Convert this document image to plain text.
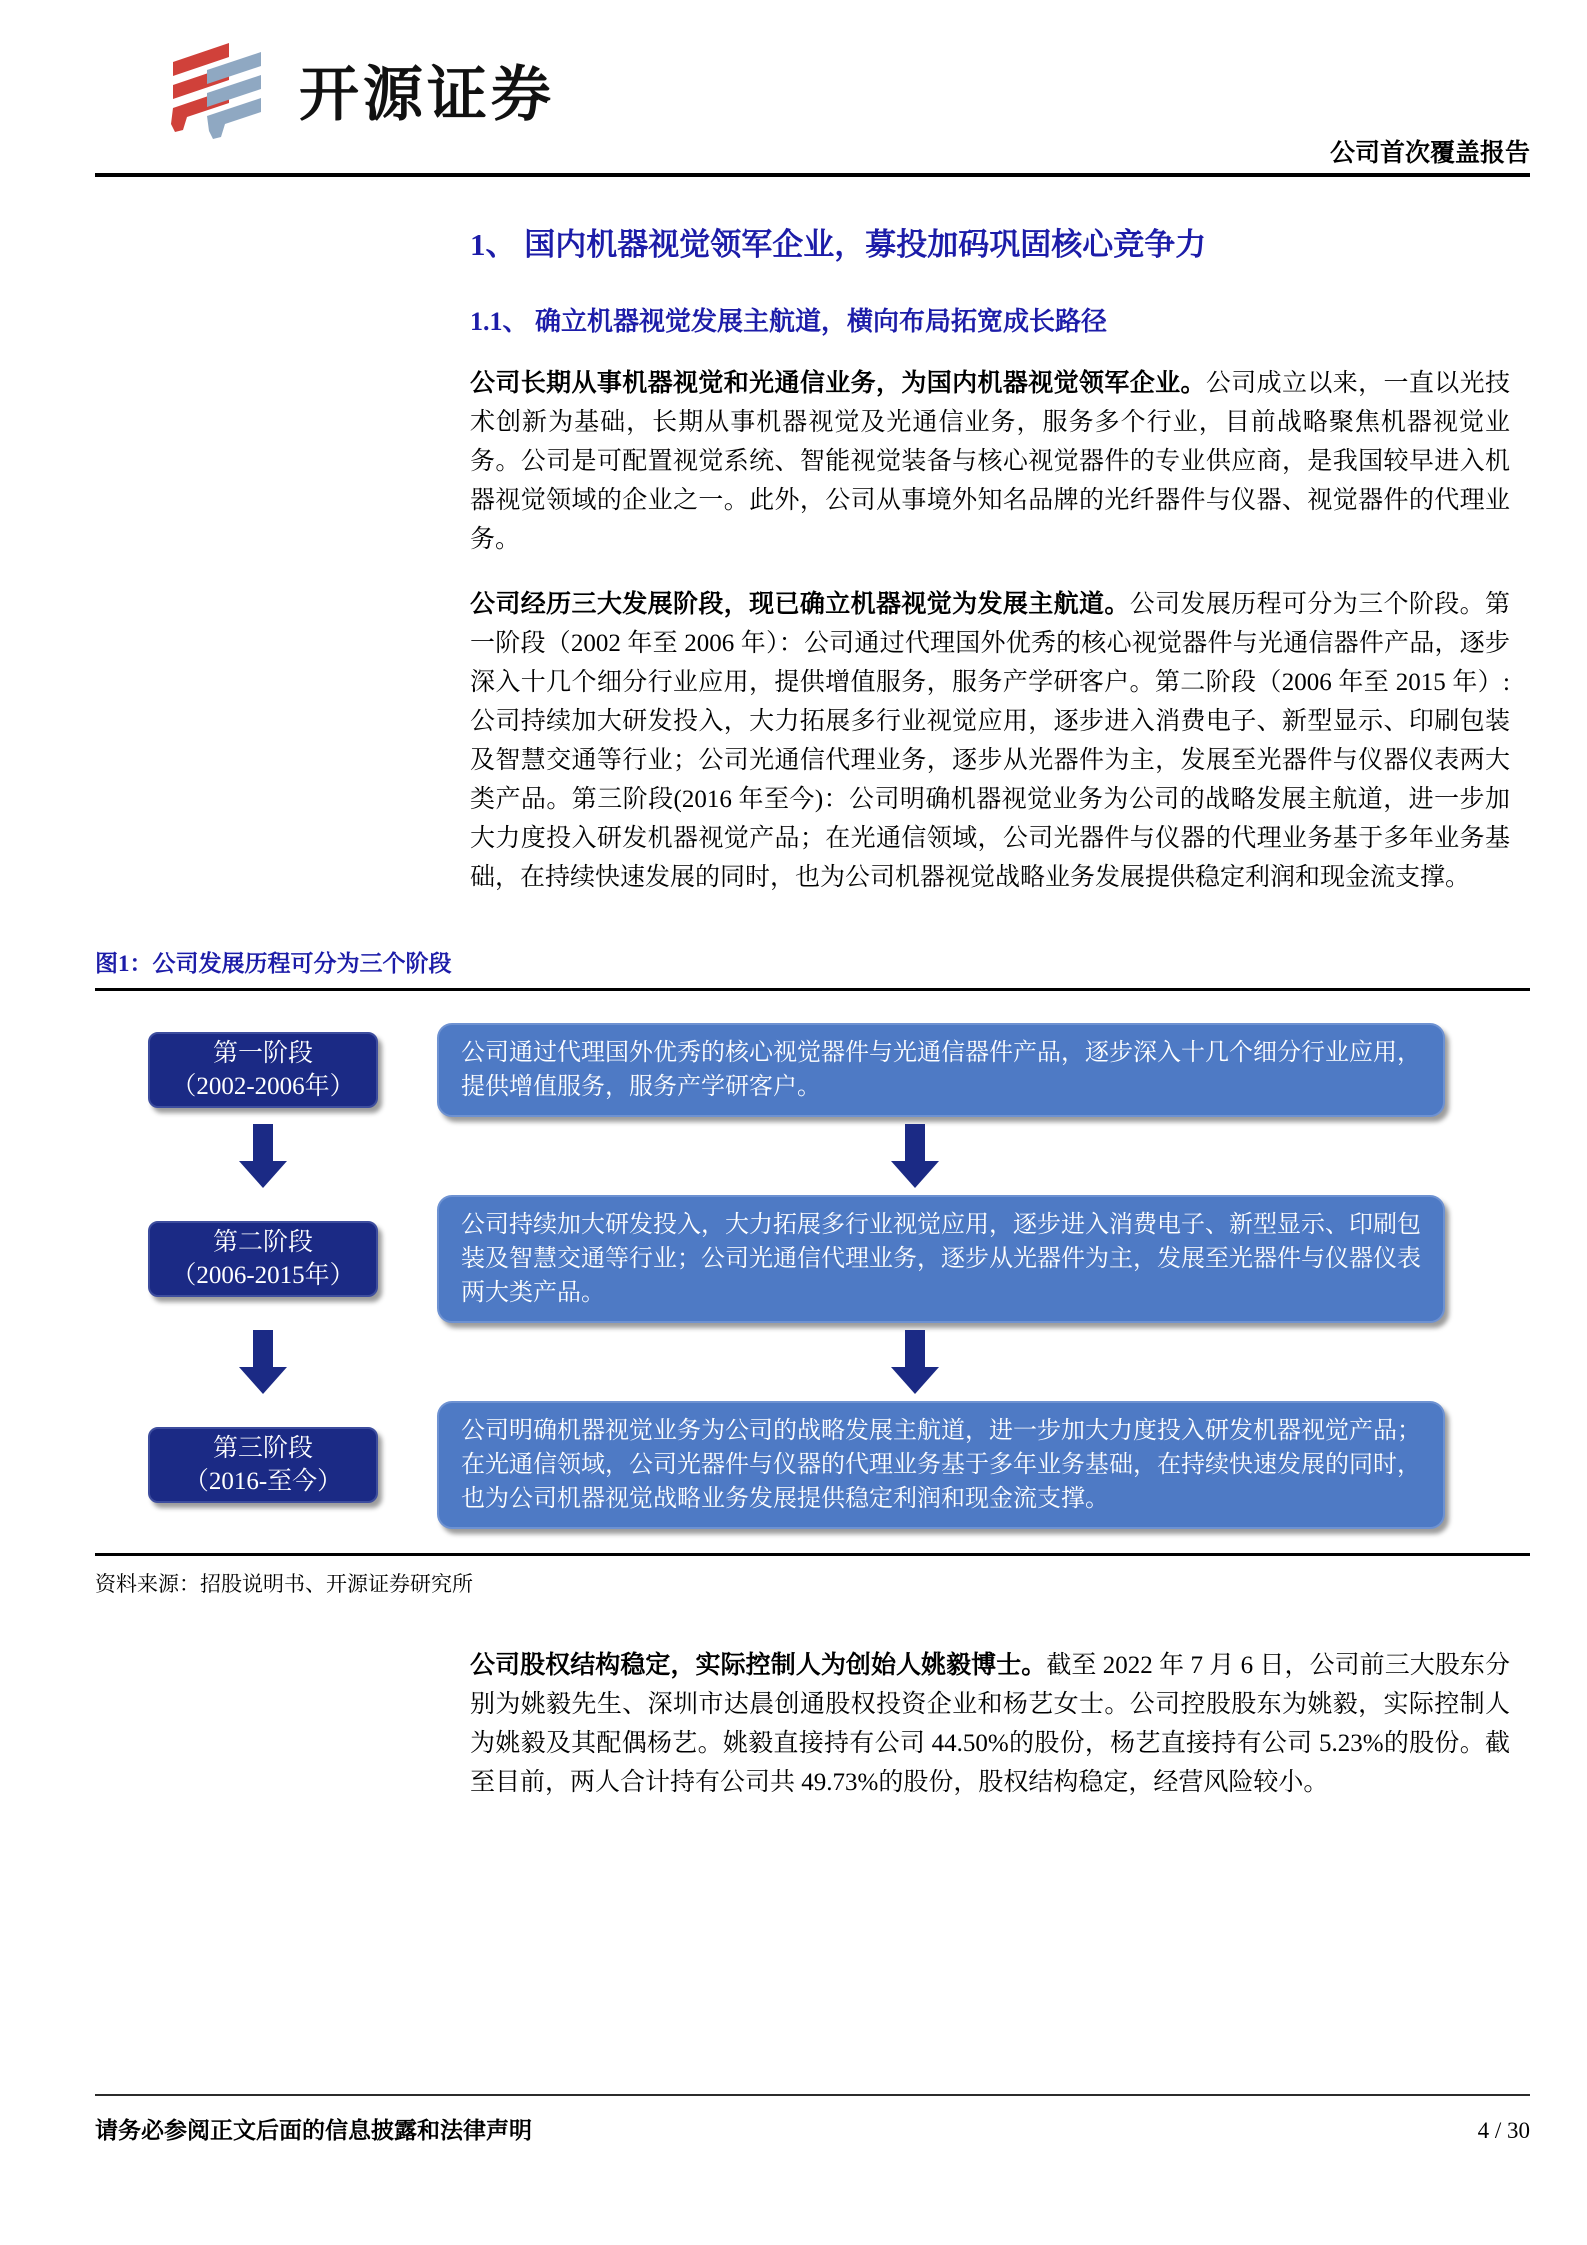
开源证券
公司首次覆盖报告
1、 国内机器视觉领军企业，募投加码巩固核心竞争力
1.1、 确立机器视觉发展主航道，横向布局拓宽成长路径

公司长期从事机器视觉和光通信业务，为国内机器视觉领军企业。公司成立以来，一直以光技术创新为基础，长期从事机器视觉及光通信业务，服务多个行业，目前战略聚焦机器视觉业务。公司是可配置视觉系统、智能视觉装备与核心视觉器件的专业供应商，是我国较早进入机器视觉领域的企业之一。此外，公司从事境外知名品牌的光纤器件与仪器、视觉器件的代理业务。

公司经历三大发展阶段，现已确立机器视觉为发展主航道。公司发展历程可分为三个阶段。第一阶段（2002 年至 2006 年）：公司通过代理国外优秀的核心视觉器件与光通信器件产品，逐步深入十几个细分行业应用，提供增值服务，服务产学研客户。第二阶段（2006 年至 2015 年）: 公司持续加大研发投入，大力拓展多行业视觉应用，逐步进入消费电子、新型显示、印刷包装及智慧交通等行业；公司光通信代理业务，逐步从光器件为主，发展至光器件与仪器仪表两大类产品。第三阶段(2016 年至今)：公司明确机器视觉业务为公司的战略发展主航道，进一步加大力度投入研发机器视觉产品；在光通信领域，公司光器件与仪器的代理业务基于多年业务基础，在持续快速发展的同时，也为公司机器视觉战略业务发展提供稳定利润和现金流支撑。

图1：公司发展历程可分为三个阶段
第一阶段
（2002-2006年）
公司通过代理国外优秀的核心视觉器件与光通信器件产品，逐步深入十几个细分行业应用，提供增值服务，服务产学研客户。
第二阶段
（2006-2015年）
公司持续加大研发投入，大力拓展多行业视觉应用，逐步进入消费电子、新型显示、印刷包装及智慧交通等行业；公司光通信代理业务，逐步从光器件为主，发展至光器件与仪器仪表两大类产品。
第三阶段
（2016-至今）
公司明确机器视觉业务为公司的战略发展主航道，进一步加大力度投入研发机器视觉产品；在光通信领域，公司光器件与仪器的代理业务基于多年业务基础，在持续快速发展的同时，也为公司机器视觉战略业务发展提供稳定利润和现金流支撑。
资料来源：招股说明书、开源证券研究所

公司股权结构稳定，实际控制人为创始人姚毅博士。截至 2022 年 7 月 6 日，公司前三大股东分别为姚毅先生、深圳市达晨创通股权投资企业和杨艺女士。公司控股股东为姚毅，实际控制人为姚毅及其配偶杨艺。姚毅直接持有公司 44.50%的股份，杨艺直接持有公司 5.23%的股份。截至目前，两人合计持有公司共 49.73%的股份，股权结构稳定，经营风险较小。

请务必参阅正文后面的信息披露和法律声明	4 / 30
